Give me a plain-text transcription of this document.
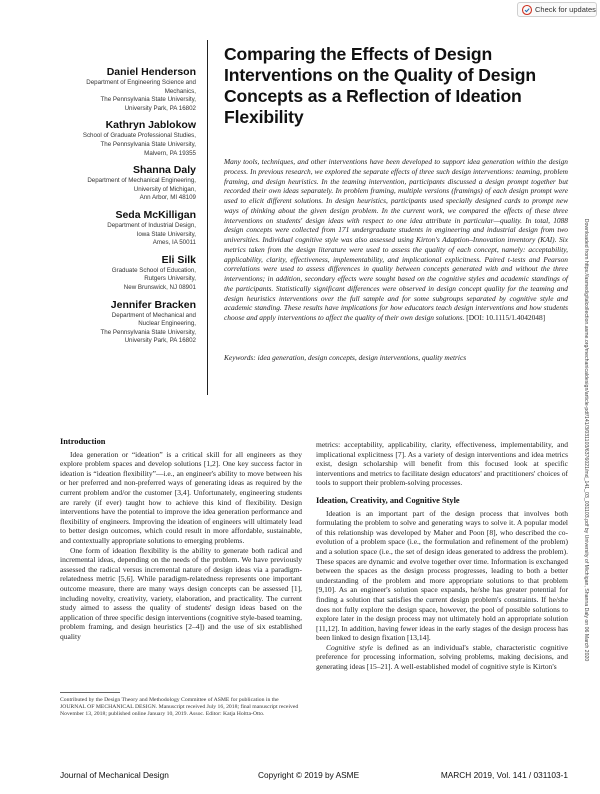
Check for updates
Daniel Henderson
Department of Engineering Science and
Mechanics,
The Pennsylvania State University,
University Park, PA 16802
Kathryn Jablokow
School of Graduate Professional Studies,
The Pennsylvania State University,
Malvern, PA 19355
Shanna Daly
Department of Mechanical Engineering,
University of Michigan,
Ann Arbor, MI 48109
Seda McKilligan
Department of Industrial Design,
Iowa State University,
Ames, IA 50011
Eli Silk
Graduate School of Education,
Rutgers University,
New Brunswick, NJ 08901
Jennifer Bracken
Department of Mechanical and
Nuclear Engineering,
The Pennsylvania State University,
University Park, PA 16802
Comparing the Effects of Design Interventions on the Quality of Design Concepts as a Reflection of Ideation Flexibility
Many tools, techniques, and other interventions have been developed to support idea generation within the design process. In previous research, we explored the separate effects of three such design interventions: teaming, problem framing, and design heuristics. In the teaming intervention, participants discussed a design prompt together but recorded their own ideas separately. In problem framing, multiple versions (framings) of each design prompt were used to elicit different solutions. In design heuristics, participants used specially designed cards to prompt new ways of thinking about the given design problem. In the current work, we compared the effects of these three interventions on students' design ideas with respect to one idea attribute in particular—quality. In total, 1088 design concepts were collected from 171 undergraduate students in engineering and industrial design from two universities. Individual cognitive style was also assessed using Kirton's Adaption–Innovation inventory (KAI). Six metrics taken from the design literature were used to assess the quality of each concept, namely: acceptability, applicability, clarity, effectiveness, implementability, and implicational explicitness. Paired t-tests and Pearson correlations were used to assess differences in quality between concepts generated with and without the three interventions; in addition, secondary effects were sought based on the cognitive styles and academic standings of the participants. Statistically significant differences were observed in design concept quality for the teaming and design heuristics interventions over the full sample and for some subgroups separated by cognitive style and academic standing. These results have implications for how educators teach design interventions and how students choose and apply interventions to affect the quality of their own design solutions. [DOI: 10.1115/1.4042048]
Keywords: idea generation, design concepts, design interventions, quality metrics	Downloaded from https://asmedigitalcollection.asme.org/mechanicaldesign/article-pdf/141/3/031103/6376021/md_141_03_031103.pdf by University of Michigan, Shanna Daly on 06 March 2020
Introduction

Idea generation or “ideation” is a critical skill for all engineers as they explore problem spaces and develop solutions [1,2]. One key success factor in ideation is “ideation flexibility”—i.e., an engineer's ability to move between his or her preferred and non-preferred ways of generating ideas as required by the current problem and/or the customer [3,4]. Unfortunately, engineering students are rarely (if ever) taught how to achieve this kind of flexibility. Design interventions have the potential to improve the idea generation performance and flexibility of engineers. Improving the ideation of engineers will ultimately lead to better design outcomes, which could result in more affordable, sustainable, and contextually appropriate solutions to emerging problems.

One form of ideation flexibility is the ability to generate both radical and incremental ideas, depending on the needs of the problem. We have previously assessed the radical versus incremental nature of design ideas via a paradigm-relatedness metric [5,6]. While paradigm-relatedness represents one important outcome measure, there are many ways design concepts can be assessed [1], including novelty, creativity, variety, elaboration, and practicality. The current study aimed to assess the quality of students' design ideas based on the application of three specific design interventions (cognitive style-based teaming, problem framing, and design heuristics [2–4]) and the use of six established quality

metrics: acceptability, applicability, clarity, effectiveness, implementability, and implicational explicitness [7]. As a variety of design interventions and idea metrics exist, design scholarship will benefit from this focused look at specific interventions and metrics to facilitate design educators' and practitioners' choices of tools to support their problem-solving processes.

Ideation, Creativity, and Cognitive Style

Ideation is an important part of the design process that involves both formulating the problem to solve and generating ways to solve it. A popular model of this relationship was developed by Maher and Poon [8], who described the co-evolution of a problem space (i.e., the formulation and refinement of the problem) and a solution space (i.e., the set of design ideas generated to address the problem). These spaces are dynamic and evolve together over time. Information is exchanged between the spaces as the design process progresses, leading to both a better understanding of the problem and more appropriate solutions to that problem [9,10]. As an engineer's solution space expands, he/she has greater potential for finding a solution that satisfies the current design problem's constraints. If he/she does not fully explore the design space, however, the pool of possible solutions to explore later in the design process may not ultimately hold an appropriate solution [11,12]. In addition, having fewer ideas in the early stages of the design process has been linked to design fixation [13,14].

Cognitive style is defined as an individual's stable, characteristic cognitive preference for processing information, solving problems, making decisions, and generating ideas [15–21]. A well-established model of cognitive style is Kirton's

Contributed by the Design Theory and Methodology Committee of ASME for publication in the JOURNAL OF MECHANICAL DESIGN. Manuscript received July 16, 2018; final manuscript received November 13, 2018; published online January 10, 2019. Assoc. Editor: Katja Holtta-Otto.
Journal of Mechanical Design	Copyright © 2019 by ASME	MARCH 2019, Vol. 141 / 031103-1
